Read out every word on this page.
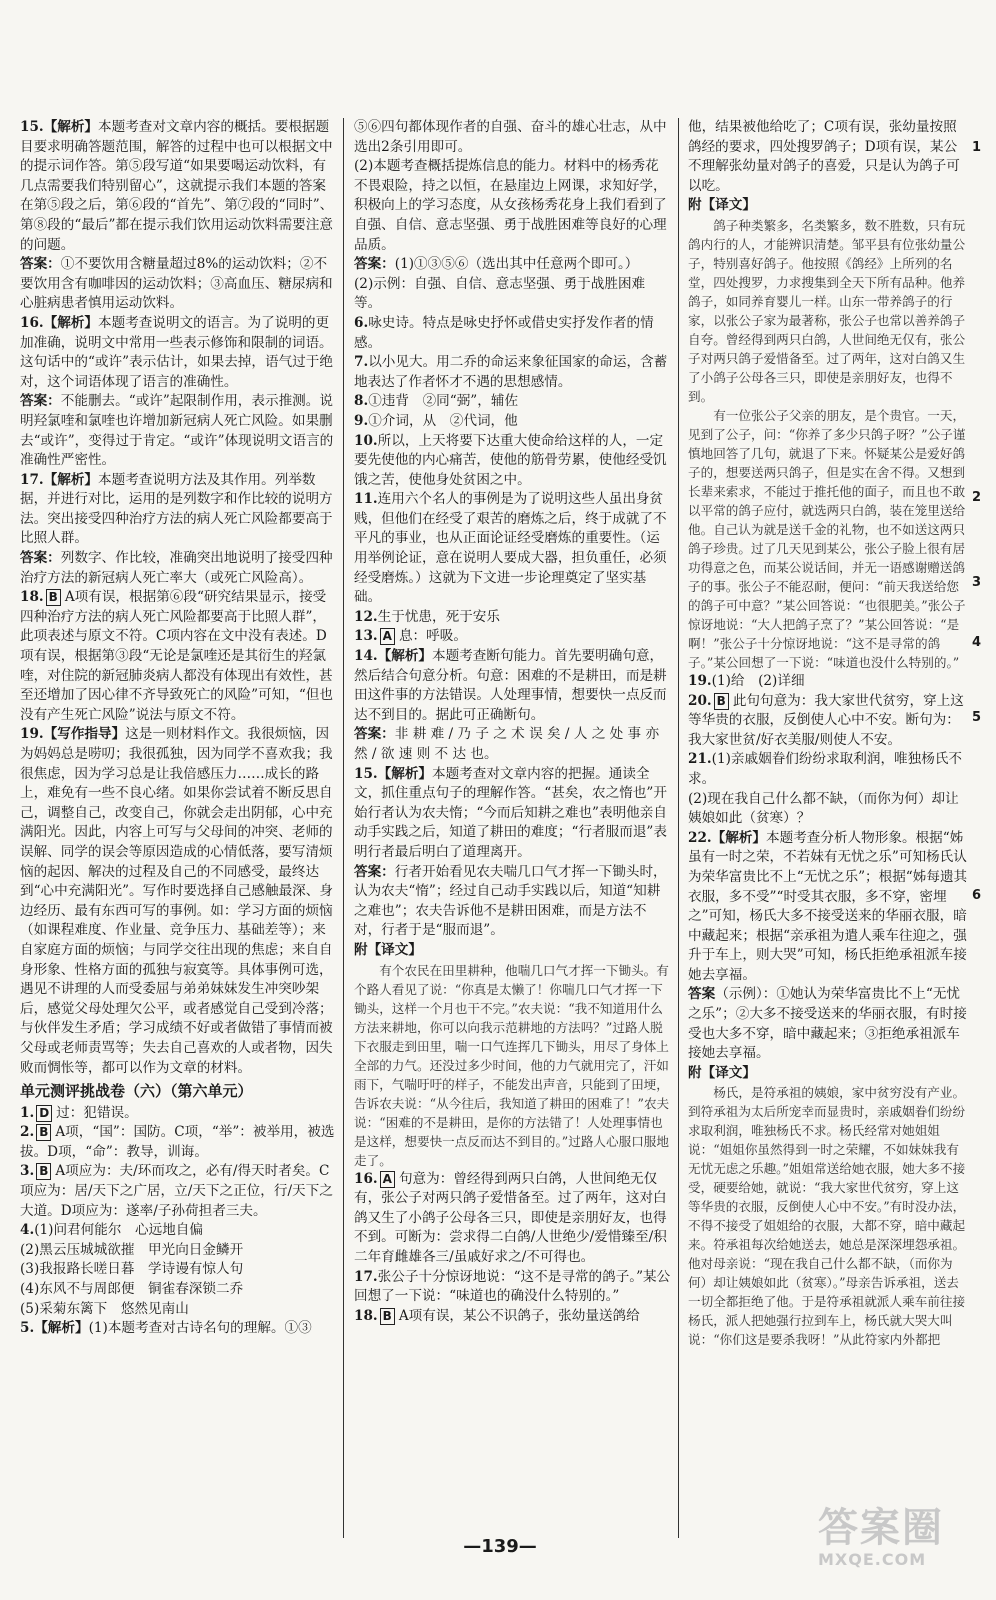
15.【解析】本题考查对文章内容的概括。要根据题目要求明确答题范围，解答的过程中也可以根据文中的提示词作答。第⑤段写道“如果要喝运动饮料，有几点需要我们特别留心”，这就提示我们本题的答案在第⑤段之后，第⑥段的“首先”、第⑦段的“同时”、第⑧段的“最后”都在提示我们饮用运动饮料需要注意的问题。
答案：①不要饮用含糖量超过8%的运动饮料；②不要饮用含有咖啡因的运动饮料；③高血压、糖尿病和心脏病患者慎用运动饮料。
16.【解析】本题考查说明文的语言。为了说明的更加准确，说明文中常用一些表示修饰和限制的词语。这句话中的“或许”表示估计，如果去掉，语气过于绝对，这个词语体现了语言的准确性。
答案：不能删去。“或许”起限制作用，表示推测。说明羟氯喹和氯喹也许增加新冠病人死亡风险。如果删去“或许”，变得过于肯定。“或许”体现说明文语言的准确性严密性。
17.【解析】本题考查说明方法及其作用。列举数据，并进行对比，运用的是列数字和作比较的说明方法。突出接受四种治疗方法的病人死亡风险都要高于比照人群。
答案：列数字、作比较，准确突出地说明了接受四种治疗方法的新冠病人死亡率大（或死亡风险高）。
18. B A项有误，根据第⑥段“研究结果显示，接受四种治疗方法的病人死亡风险都要高于比照人群”，此项表述与原文不符。C项内容在文中没有表述。D项有误，根据第③段“无论是氯喹还是其衍生的羟氯喹，对住院的新冠肺炎病人都没有体现出有效性，甚至还增加了因心律不齐导致死亡的风险”可知，“但也没有产生死亡风险”说法与原文不符。
19.【写作指导】这是一则材料作文。我很烦恼，因为妈妈总是唠叨；我很孤独，因为同学不喜欢我；我很焦虑，因为学习总是让我倍感压力……成长的路上，难免有一些不良心绪。如果你尝试着不断反思自己，调整自己，改变自己，你就会走出阴郁，心中充满阳光。因此，内容上可写与父母间的冲突、老师的误解、同学的误会等原因造成的心情低落，要写清烦恼的起因、解决的过程及自己的不同感受，最终达到“心中充满阳光”。写作时要选择自己感触最深、身边经历、最有东西可写的事例。如：学习方面的烦恼（如课程难度、作业量、竞争压力、基础差等）；来自家庭方面的烦恼；与同学交往出现的焦虑；来自自身形象、性格方面的孤独与寂寞等。具体事例可选，遇见不讲理的人而受委屈与弟弟妹妹发生冲突吵架后，感觉父母处理欠公平，或者感觉自己受到冷落；与伙伴发生矛盾；学习成绩不好或者做错了事情而被父母或老师责骂等；失去自己喜欢的人或者物，因失败而惆怅等，都可以作为文章的材料。
单元测评挑战卷（六）（第六单元）
1. D 过：犯错误。
2. B A项，“国”：国防。C项，“举”：被举用，被选拔。D项，“命”：教导，训诲。
3. B A项应为：夫/环而攻之，必有/得天时者矣。C项应为：居/天下之广居，立/天下之正位，行/天下之大道。D项应为：遂率/子孙荷担者三夫。
4.(1)问君何能尔　心远地自偏
(2)黑云压城城欲摧　甲光向日金鳞开
(3)我报路长嗟日暮　学诗谩有惊人句
(4)东风不与周郎便　铜雀春深锁二乔
(5)采菊东篱下　悠然见南山
5.【解析】(1)本题考查对古诗名句的理解。①③
⑤⑥四句都体现作者的自强、奋斗的雄心壮志，从中选出2条引用即可。
(2)本题考查概括提炼信息的能力。材料中的杨秀花不畏艰险，持之以恒，在悬崖边上网课，求知好学，积极向上的学习态度，从女孩杨秀花身上我们看到了自强、自信、意志坚强、勇于战胜困难等良好的心理品质。
答案：(1)①③⑤⑥（选出其中任意两个即可。）
(2)示例：自强、自信、意志坚强、勇于战胜困难等。
6.咏史诗。特点是咏史抒怀或借史实抒发作者的情感。
7.以小见大。用二乔的命运来象征国家的命运，含蓄地表达了作者怀才不遇的思想感情。
8.①违背　②同“弼”，辅佐
9.①介词，从　②代词，他
10.所以，上天将要下达重大使命给这样的人，一定要先使他的内心痛苦，使他的筋骨劳累，使他经受饥饿之苦，使他身处贫困之中。
11.连用六个名人的事例是为了说明这些人虽出身贫贱，但他们在经受了艰苦的磨炼之后，终于成就了不平凡的事业，也从正面论证经受磨炼的重要性。（运用举例论证，意在说明人要成大器，担负重任，必须经受磨炼。）这就为下文进一步论理奠定了坚实基础。
12.生于忧患，死于安乐
13. A 息：呼吸。
14.【解析】本题考查断句能力。首先要明确句意，然后结合句意分析。句意：困难的不是耕田，而是耕田这件事的方法错误。人处理事情，想要快一点反而达不到目的。据此可正确断句。
答案：非 耕 难 / 乃 子 之 术 误 矣 / 人 之 处 事 亦 然 / 欲 速 则 不 达 也。
15.【解析】本题考查对文章内容的把握。通读全文，抓住重点句子的理解作答。“甚矣，农之惰也”开始行者认为农夫惰；“今而后知耕之难也”表明他亲自动手实践之后，知道了耕田的难度；“行者服而退”表明行者最后明白了道理离开。
答案：行者开始看见农夫喘几口气才挥一下锄头时，认为农夫“惰”；经过自己动手实践以后，知道“知耕之难也”；农夫告诉他不是耕田困难，而是方法不对，行者于是“服而退”。
附【译文】
有个农民在田里耕种，他喘几口气才挥一下锄头。有个路人看见了说：“你真是太懒了！你喘几口气才挥一下锄头，这样一个月也干不完。”农夫说：“我不知道用什么方法来耕地，你可以向我示范耕地的方法吗？”过路人脱下衣服走到田里，喘一口气连挥几下锄头，用尽了身体上全部的力气。还没过多少时间，他的力气就用完了，汗如雨下，气喘吁吁的样子，不能发出声音，只能到了田埂，告诉农夫说：“从今往后，我知道了耕田的困难了！”农夫说：“困难的不是耕田，是你的方法错了！人处理事情也是这样，想要快一点反而达不到目的。”过路人心服口服地走了。
16. A 句意为：曾经得到两只白鸽，人世间绝无仅有，张公子对两只鸽子爱惜备至。过了两年，这对白鸽又生了小鸽子公母各三只，即使是亲朋好友，也得不到。可断为：尝求得二白鸽/人世绝少/爱惜臻至/积二年育雌雄各三/虽戚好求之/不可得也。
17.张公子十分惊讶地说：“这不是寻常的鸽子。”某公回想了一下说：“味道也的确没什么特别的。”
18. B A项有误，某公不识鸽子，张幼量送鸽给
他，结果被他给吃了；C项有误，张幼量按照鸽经的要求，四处搜罗鸽子；D项有误，某公不理解张幼量对鸽子的喜爱，只是认为鸽子可以吃。
附【译文】
鸽子种类繁多，名类繁多，数不胜数，只有玩鸽内行的人，才能辨识清楚。邹平县有位张幼量公子，特别喜好鸽子。他按照《鸽经》上所列的名堂，四处搜罗，力求搜集到全天下所有品种。他养鸽子，如同养育婴儿一样。山东一带养鸽子的行家，以张公子家为最著称，张公子也常以善养鸽子自夸。曾经得到两只白鸽，人世间绝无仅有，张公子对两只鸽子爱惜备至。过了两年，这对白鸽又生了小鸽子公母各三只，即使是亲朋好友，也得不到。
有一位张公子父亲的朋友，是个贵官。一天，见到了公子，问：“你养了多少只鸽子呀？”公子谨慎地回答了几句，就退了下来。怀疑某公是爱好鸽子的，想要送两只鸽子，但是实在舍不得。又想到长辈来索求，不能过于推托他的面子，而且也不敢以平常的鸽子应付，就选两只白鸽，装在笼里送给他。自己认为就是送千金的礼物，也不如送这两只鸽子珍贵。过了几天见到某公，张公子脸上很有居功得意之色，而某公说话间，并无一语感谢赠送鸽子的事。张公子不能忍耐，便问：“前天我送给您的鸽子可中意？”某公回答说：“也很肥美。”张公子惊讶地说：“大人把鸽子烹了？”某公回答说：“是啊！”张公子十分惊讶地说：“这不是寻常的鸽子。”某公回想了一下说：“味道也没什么特别的。”
19.(1)给　(2)详细
20. B 此句句意为：我大家世代贫穷，穿上这等华贵的衣服，反倒使人心中不安。断句为：我大家世贫/好衣美服/则使人不安。
21.(1)亲戚姻眷们纷纷求取利润，唯独杨氏不求。
(2)现在我自己什么都不缺，（而你为何）却让姨娘如此（贫寒）？
22.【解析】本题考查分析人物形象。根据“姊虽有一时之荣，不若妹有无忧之乐”可知杨氏认为荣华富贵比不上“无忧之乐”；根据“姊每遗其衣服，多不受”“时受其衣服，多不穿，密埋之”可知，杨氏大多不接受送来的华丽衣服，暗中藏起来；根据“亲承祖为遣人乘车往迎之，强升于车上，则大哭”可知，杨氏拒绝承祖派车接她去享福。
答案（示例）：①她认为荣华富贵比不上“无忧之乐”；②大多不接受送来的华丽衣服，有时接受也大多不穿，暗中藏起来；③拒绝承祖派车接她去享福。
附【译文】
杨氏，是符承祖的姨娘，家中贫穷没有产业。到符承祖为太后所宠幸而显贵时，亲戚姻眷们纷纷求取利润，唯独杨氏不求。杨氏经常对她姐姐说：“姐姐你虽然得到一时之荣耀，不如妹妹我有无忧无虑之乐趣。”姐姐常送给她衣服，她大多不接受，硬要给她，就说：“我大家世代贫穷，穿上这等华贵的衣服，反倒使人心中不安。”有时没办法，不得不接受了姐姐给的衣服，大都不穿，暗中藏起来。符承祖每次给她送去，她总是深深埋怨承祖。他对母亲说：“现在我自己什么都不缺，（而你为何）却让姨娘如此（贫寒）。”母亲告诉承祖，送去一切全都拒绝了他。于是符承祖就派人乘车前往接杨氏，派人把她强行拉到车上，杨氏就大哭大叫说：“你们这是要杀我呀！”从此符家内外都把
1
2
3
4
5
6
—139—	答案圈
MXQE.COM
